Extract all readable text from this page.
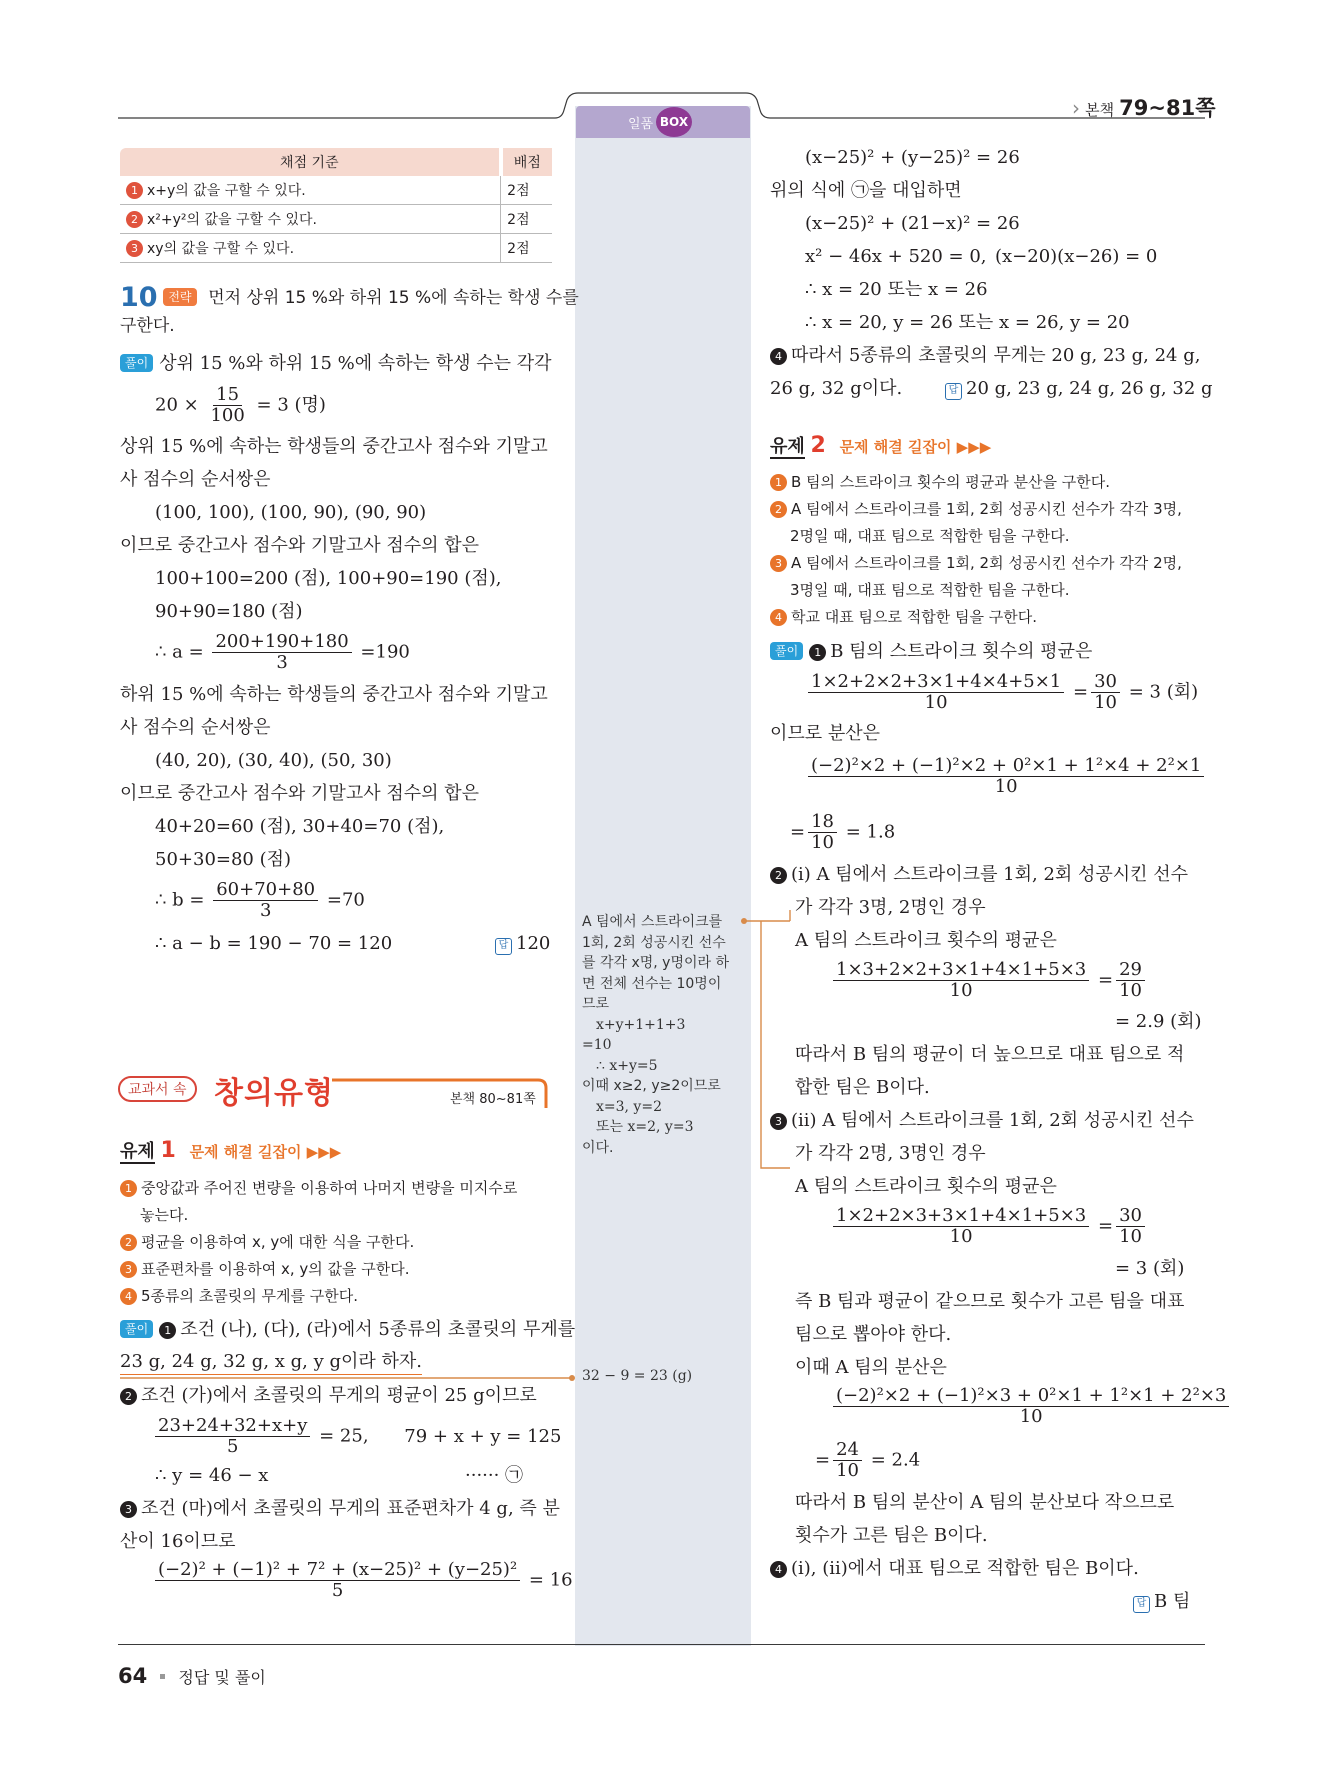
일품 BOX
› 본책 79~81쪽
채점 기준	배점
1 x+y의 값을 구할 수 있다.	2점
2 x²+y²의 값을 구할 수 있다.	2점
3 xy의 값을 구할 수 있다.	2점
10 전략 먼저 상위 15 %와 하위 15 %에 속하는 학생 수를
구한다.
풀이 상위 15 %와 하위 15 %에 속하는 학생 수는 각각
$20 \times \frac{15}{100} = 3$ (명)
상위 15 %에 속하는 학생들의 중간고사 점수와 기말고
사 점수의 순서쌍은
(100, 100), (100, 90), (90, 90)
이므로 중간고사 점수와 기말고사 점수의 합은
100+100=200 (점), 100+90=190 (점),
90+90=180 (점)
∴ $a = \frac{200+190+180}{3} =190$
하위 15 %에 속하는 학생들의 중간고사 점수와 기말고
사 점수의 순서쌍은
(40, 20), (30, 40), (50, 30)
이므로 중간고사 점수와 기말고사 점수의 합은
40+20=60 (점), 30+40=70 (점),
50+30=80 (점)
∴ $b = \frac{60+70+80}{3} =70$
∴ a − b = 190 − 70 = 120	답 120
교과서 속 창의유형	본책 80~81쪽
유제 1 문제 해결 길잡이 ▶▶▶
1 중앙값과 주어진 변량을 이용하여 나머지 변량을 미지수로
놓는다.
2 평균을 이용하여 x, y에 대한 식을 구한다.
3 표준편차를 이용하여 x, y의 값을 구한다.
4 5종류의 초콜릿의 무게를 구한다.
풀이 1 조건 (나), (다), (라)에서 5종류의 초콜릿의 무게를
23 g, 24 g, 32 g, x g, y g이라 하자.
2 조건 (가)에서 초콜릿의 무게의 평균이 25 g이므로
$\frac{23+24+32+x+y}{5} = 25$, 79 + x + y = 125
∴ y = 46 − x	······ ㉠
3 조건 (마)에서 초콜릿의 무게의 표준편차가 4 g, 즉 분
산이 16이므로
$\frac{\text{(−2)² + (−1)² + 7² + (x−25)² + (y−25)²}}{5} = 16$
A 팀에서 스트라이크를
1회, 2회 성공시킨 선수
를 각각 x명, y명이라 하
면 전체 선수는 10명이
므로
x+y+1+1+3
=10
∴ x+y=5
이때 x≥2, y≥2이므로
x=3, y=2
또는 x=2, y=3
이다.
32 − 9 = 23 (g)
(x−25)² + (y−25)² = 26
위의 식에 ㉠을 대입하면
(x−25)² + (21−x)² = 26
x² − 46x + 520 = 0, (x−20)(x−26) = 0
∴ x = 20 또는 x = 26
∴ x = 20, y = 26 또는 x = 26, y = 20
4 따라서 5종류의 초콜릿의 무게는 20 g, 23 g, 24 g,
26 g, 32 g이다.	답 20 g, 23 g, 24 g, 26 g, 32 g
유제 2 문제 해결 길잡이 ▶▶▶
1 B 팀의 스트라이크 횟수의 평균과 분산을 구한다.
2 A 팀에서 스트라이크를 1회, 2회 성공시킨 선수가 각각 3명,
2명일 때, 대표 팀으로 적합한 팀을 구한다.
3 A 팀에서 스트라이크를 1회, 2회 성공시킨 선수가 각각 2명,
3명일 때, 대표 팀으로 적합한 팀을 구한다.
4 학교 대표 팀으로 적합한 팀을 구한다.
풀이 1 B 팀의 스트라이크 횟수의 평균은
$\frac{1\times 2+2\times 2+3\times 1+4\times 4+5\times 1}{10} = \frac{30}{10} = 3$ (회)
이므로 분산은
$\frac{\text{(−2)²×2 + (−1)²×2 + 0²×1 + 1²×4 + 2²×1}}{10}$
= $\frac{18}{10} = 1.8$
2 (i) A 팀에서 스트라이크를 1회, 2회 성공시킨 선수
가 각각 3명, 2명인 경우
A 팀의 스트라이크 횟수의 평균은
$\frac{1\times 3+2\times 2+3\times 1+4\times 1+5\times 3}{10} = \frac{29}{10}$
= 2.9 (회)
따라서 B 팀의 평균이 더 높으므로 대표 팀으로 적
합한 팀은 B이다.
3 (ii) A 팀에서 스트라이크를 1회, 2회 성공시킨 선수
가 각각 2명, 3명인 경우
A 팀의 스트라이크 횟수의 평균은
$\frac{1\times 2+2\times 3+3\times 1+4\times 1+5\times 3}{10} = \frac{30}{10}$
= 3 (회)
즉 B 팀과 평균이 같으므로 횟수가 고른 팀을 대표
팀으로 뽑아야 한다.
이때 A 팀의 분산은
$\frac{\text{(−2)²×2 + (−1)²×3 + 0²×1 + 1²×1 + 2²×3}}{10}$
= $\frac{24}{10} = 2.4$
따라서 B 팀의 분산이 A 팀의 분산보다 작으므로
횟수가 고른 팀은 B이다.
4 (i), (ii)에서 대표 팀으로 적합한 팀은 B이다.
답 B 팀
64 정답 및 풀이
